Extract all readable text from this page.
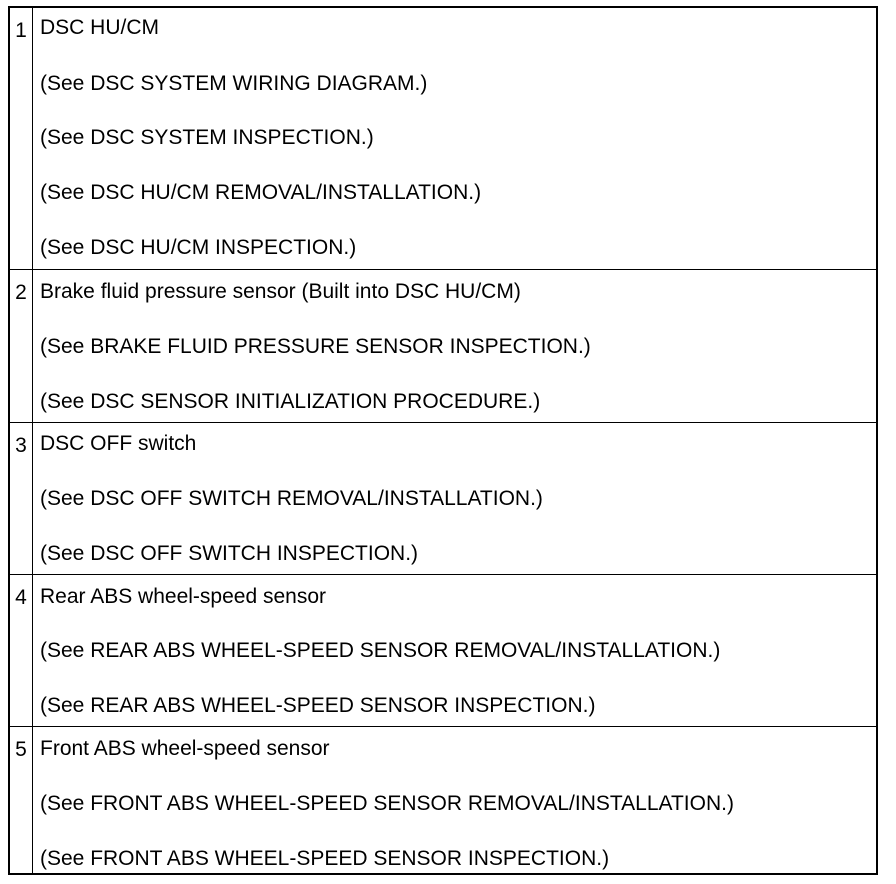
1 DSC HU/CM
(See DSC SYSTEM WIRING DIAGRAM.)
(See DSC SYSTEM INSPECTION.)
(See DSC HU/CM REMOVAL/INSTALLATION.)
(See DSC HU/CM INSPECTION.)
2 Brake fluid pressure sensor (Built into DSC HU/CM)
(See BRAKE FLUID PRESSURE SENSOR INSPECTION.)
(See DSC SENSOR INITIALIZATION PROCEDURE.)
3 DSC OFF switch
(See DSC OFF SWITCH REMOVAL/INSTALLATION.)
(See DSC OFF SWITCH INSPECTION.)
4 Rear ABS wheel-speed sensor
(See REAR ABS WHEEL-SPEED SENSOR REMOVAL/INSTALLATION.)
(See REAR ABS WHEEL-SPEED SENSOR INSPECTION.)
5 Front ABS wheel-speed sensor
(See FRONT ABS WHEEL-SPEED SENSOR REMOVAL/INSTALLATION.)
(See FRONT ABS WHEEL-SPEED SENSOR INSPECTION.)
